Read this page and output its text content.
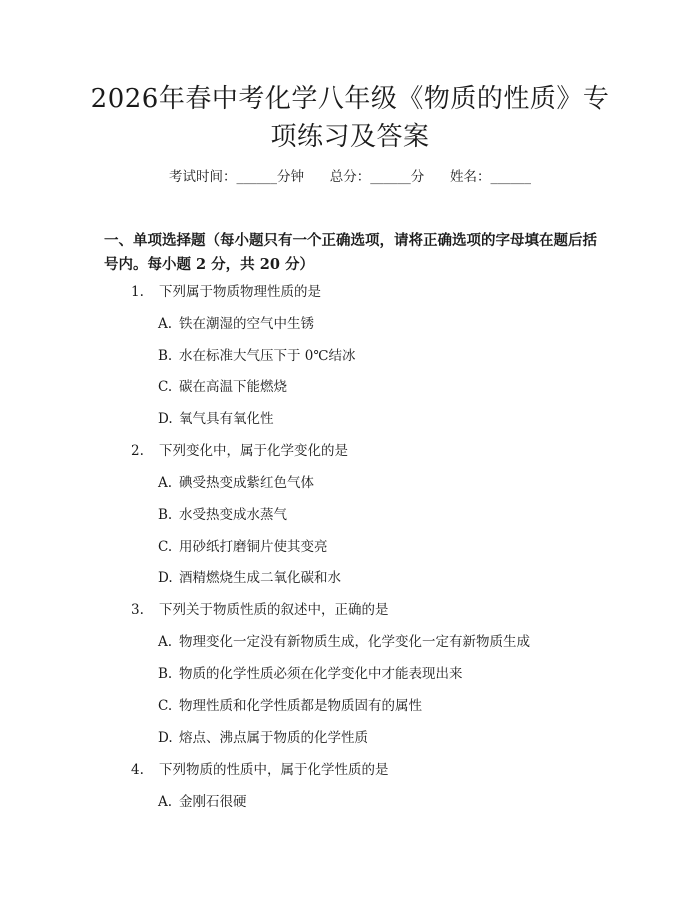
2026年春中考化学八年级《物质的性质》专
项练习及答案
考试时间：______分钟      总分：______分      姓名：______
一、单项选择题（每小题只有一个正确选项，请将正确选项的字母填在题后括号内。每小题 2 分，共 20 分）
1. 下列属于物质物理性质的是
A. 铁在潮湿的空气中生锈
B. 水在标准大气压下于 0℃结冰
C. 碳在高温下能燃烧
D. 氧气具有氧化性
2. 下列变化中，属于化学变化的是
A. 碘受热变成紫红色气体
B. 水受热变成水蒸气
C. 用砂纸打磨铜片使其变亮
D. 酒精燃烧生成二氧化碳和水
3. 下列关于物质性质的叙述中，正确的是
A. 物理变化一定没有新物质生成，化学变化一定有新物质生成
B. 物质的化学性质必须在化学变化中才能表现出来
C. 物理性质和化学性质都是物质固有的属性
D. 熔点、沸点属于物质的化学性质
4. 下列物质的性质中，属于化学性质的是
A. 金刚石很硬
